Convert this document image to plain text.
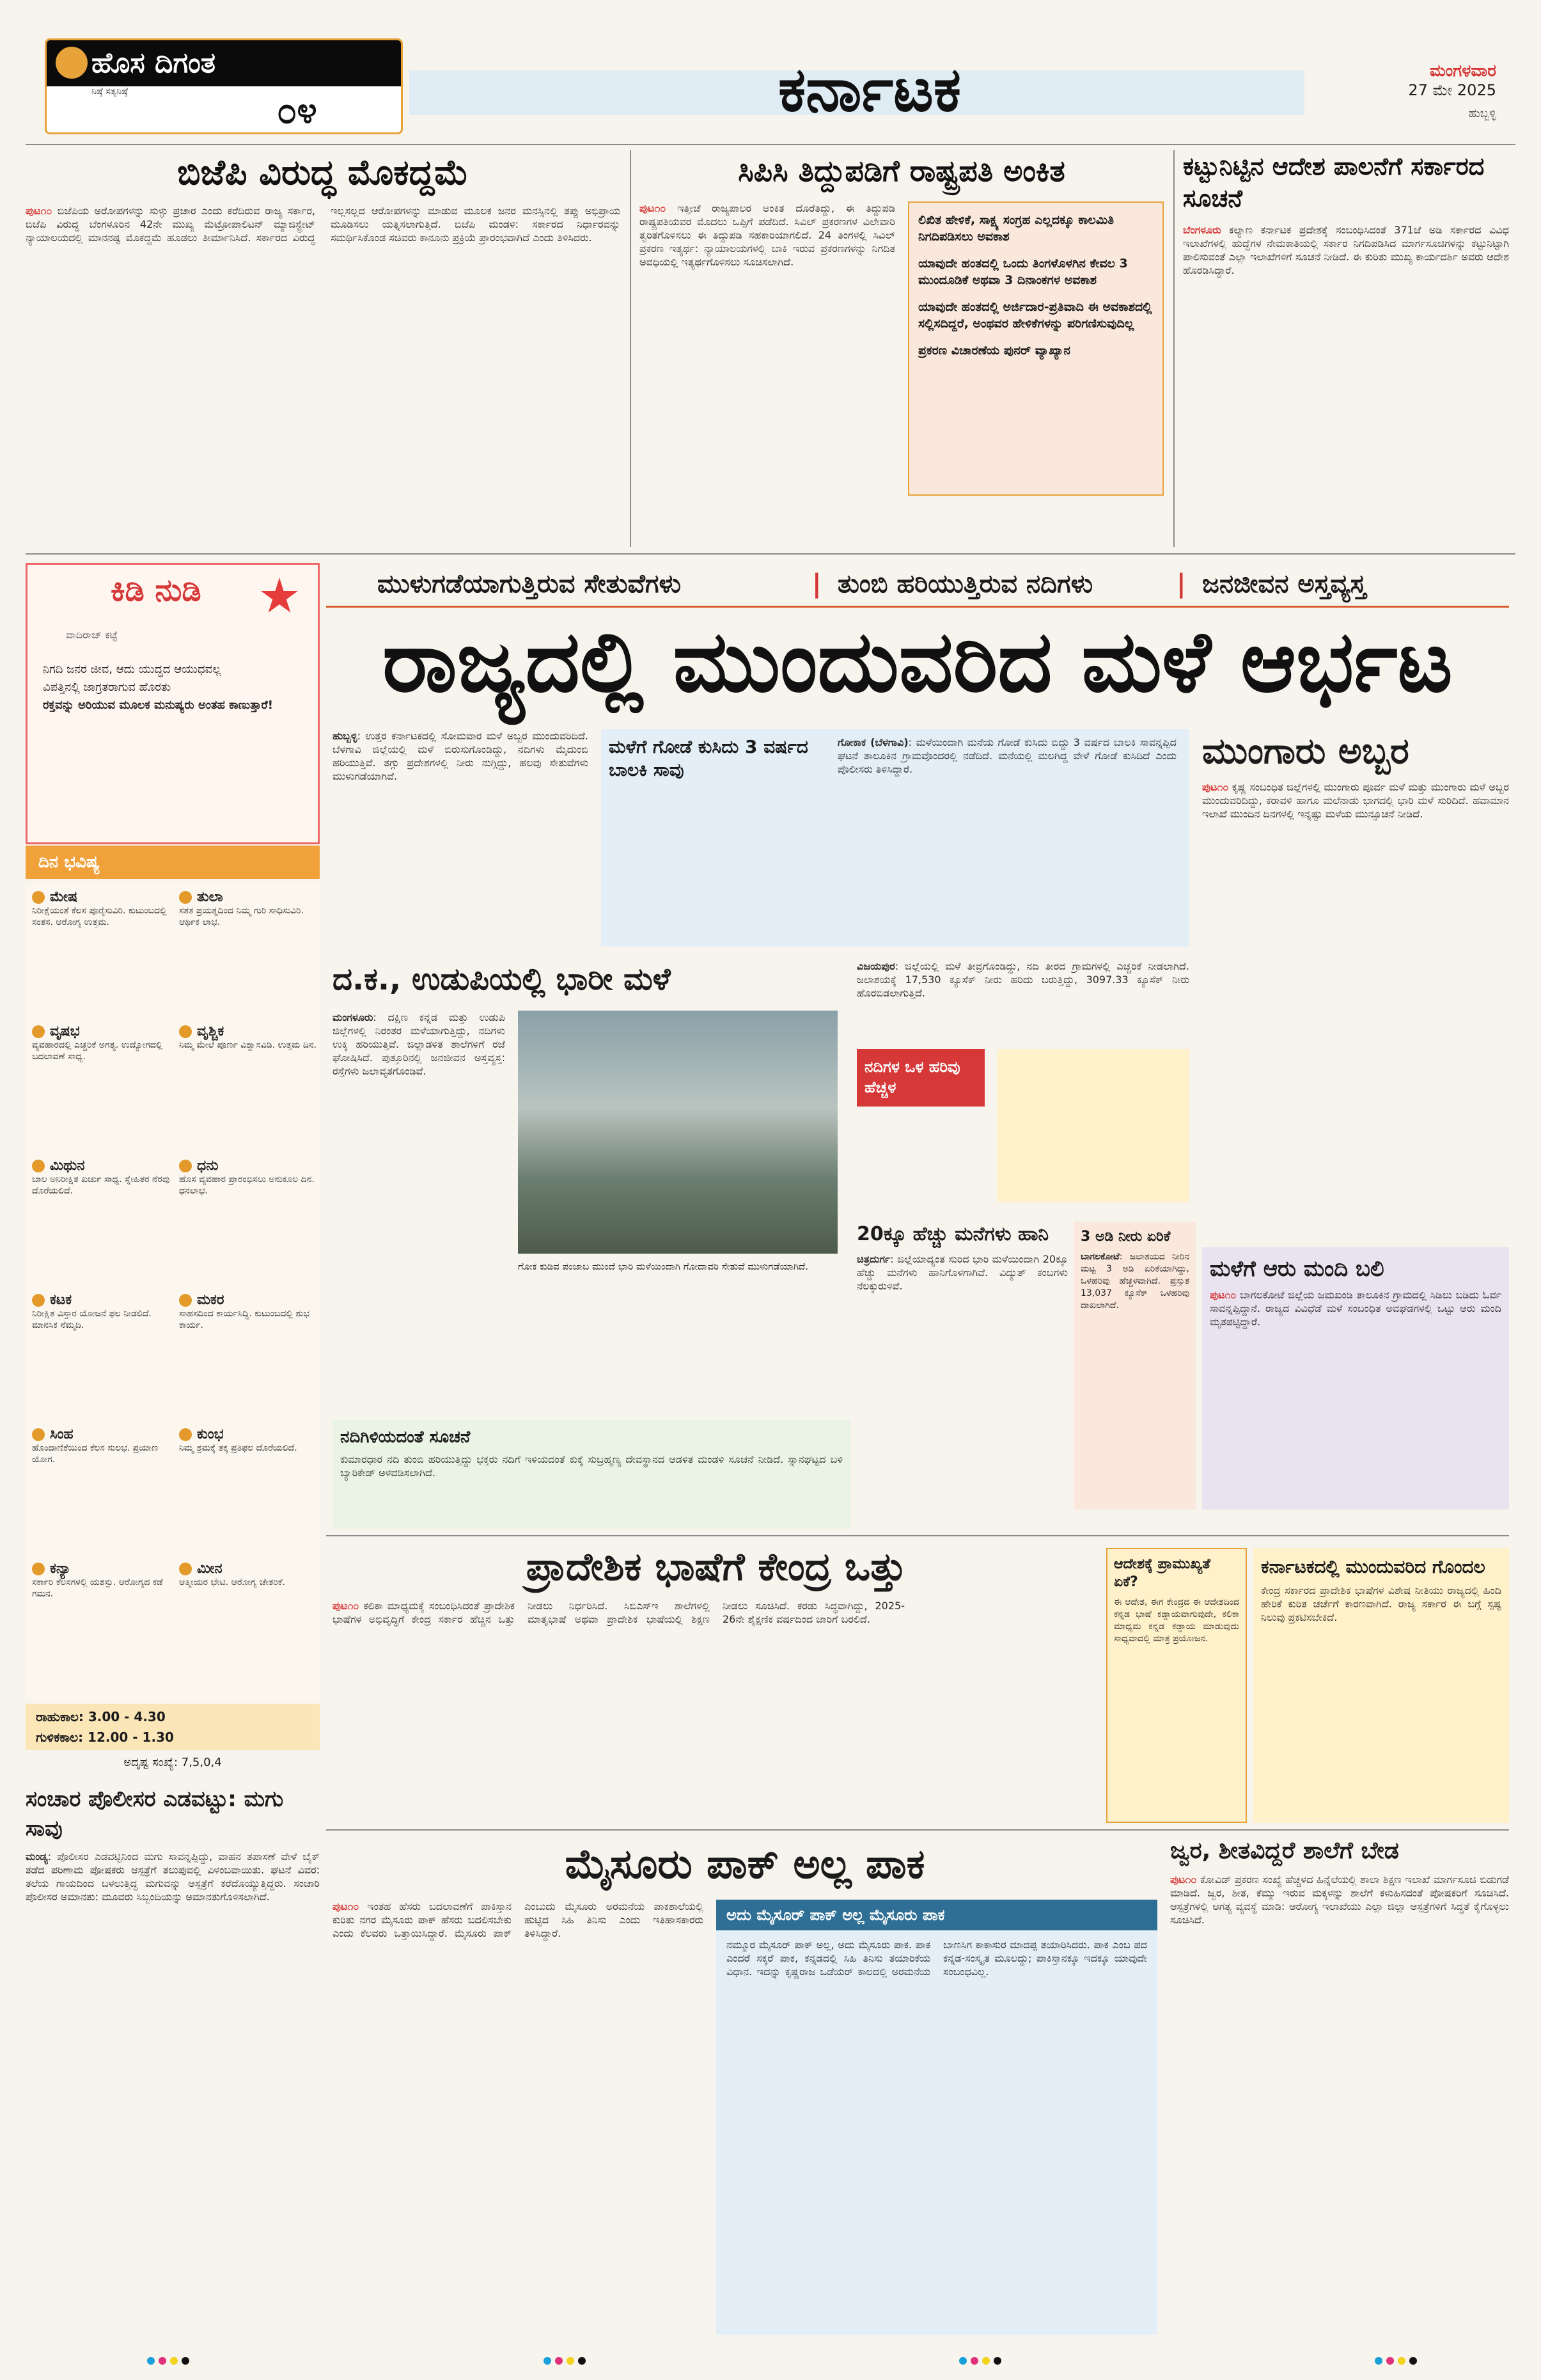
ಹೊಸ ದಿಗಂತ
ನಿಷ್ಠೆ ಸತ್ಯನಿಷ್ಠೆ	೦೪	ಕರ್ನಾಟಕ	ಮಂಗಳವಾರ
27 ಮೇ 2025
ಹುಬ್ಬಳ್ಳಿ
ಬಿಜೆಪಿ ವಿರುದ್ಧ ಮೊಕದ್ದಮೆ
ಪುಟ೧೦ ಬಿಜೆಪಿಯ ಅರೋಪಗಳನ್ನು ಸುಳ್ಳು ಪ್ರಚಾರ ಎಂದು ಕರೆದಿರುವ ರಾಜ್ಯ ಸರ್ಕಾರ, ಬಿಜೆಪಿ ವಿರುದ್ಧ ಬೆಂಗಳೂರಿನ 42ನೇ ಮುಖ್ಯ ಮೆಟ್ರೋಪಾಲಿಟನ್ ಮ್ಯಾಜಿಸ್ಟ್ರೇಟ್ ನ್ಯಾಯಾಲಯದಲ್ಲಿ ಮಾನನಷ್ಟ ಮೊಕದ್ದಮೆ ಹೂಡಲು ತೀರ್ಮಾನಿಸಿದೆ. ಸರ್ಕಾರದ ವಿರುದ್ಧ ಇಲ್ಲಸಲ್ಲದ ಆರೋಪಗಳನ್ನು ಮಾಡುವ ಮೂಲಕ ಜನರ ಮನಸ್ಸಿನಲ್ಲಿ ತಪ್ಪು ಅಭಿಪ್ರಾಯ ಮೂಡಿಸಲು ಯತ್ನಿಸಲಾಗುತ್ತಿದೆ. ಬಿಜೆಪಿ ಮಂಡಳಿ: ಸರ್ಕಾರದ ನಿರ್ಧಾರವನ್ನು ಸಮರ್ಥಿಸಿಕೊಂಡ ಸಚಿವರು ಕಾನೂನು ಪ್ರಕ್ರಿಯೆ ಪ್ರಾರಂಭವಾಗಿದೆ ಎಂದು ತಿಳಿಸಿದರು.
ಸಿಪಿಸಿ ತಿದ್ದುಪಡಿಗೆ ರಾಷ್ಟ್ರಪತಿ ಅಂಕಿತ
ಪುಟ೧೦ ಇತ್ತೀಚೆ ರಾಜ್ಯಪಾಲರ ಅಂಕಿತ ದೊರೆತಿದ್ದು, ಈ ತಿದ್ದುಪಡಿ ರಾಷ್ಟ್ರಪತಿಯವರ ಮೊದಲು ಒಪ್ಪಿಗೆ ಪಡೆದಿದೆ. ಸಿವಿಲ್ ಪ್ರಕರಣಗಳ ವಿಲೇವಾರಿ ತ್ವರಿತಗೊಳಿಸಲು ಈ ತಿದ್ದುಪಡಿ ಸಹಕಾರಿಯಾಗಲಿದೆ. 24 ತಿಂಗಳಲ್ಲಿ ಸಿವಿಲ್ ಪ್ರಕರಣ ಇತ್ಯರ್ಥ: ನ್ಯಾಯಾಲಯಗಳಲ್ಲಿ ಬಾಕಿ ಇರುವ ಪ್ರಕರಣಗಳನ್ನು ನಿಗದಿತ ಅವಧಿಯಲ್ಲಿ ಇತ್ಯರ್ಥಗೊಳಿಸಲು ಸೂಚಿಸಲಾಗಿದೆ.
ಲಿಖಿತ ಹೇಳಿಕೆ, ಸಾಕ್ಷ್ಯ ಸಂಗ್ರಹ ಎಲ್ಲದಕ್ಕೂ ಕಾಲಮಿತಿ ನಿಗದಿಪಡಿಸಲು ಅವಕಾಶ
ಯಾವುದೇ ಹಂತದಲ್ಲಿ ಒಂದು ತಿಂಗಳೊಳಗಿನ ಕೇವಲ 3 ಮುಂದೂಡಿಕೆ ಅಥವಾ 3 ದಿನಾಂಕಗಳ ಅವಕಾಶ
ಯಾವುದೇ ಹಂತದಲ್ಲಿ ಅರ್ಜಿದಾರ-ಪ್ರತಿವಾದಿ ಈ ಅವಕಾಶದಲ್ಲಿ ಸಲ್ಲಿಸದಿದ್ದರೆ, ಅಂಥವರ ಹೇಳಿಕೆಗಳನ್ನು ಪರಿಗಣಿಸುವುದಿಲ್ಲ
ಪ್ರಕರಣ ವಿಚಾರಣೆಯ ಪುನರ್ ವ್ಯಾಖ್ಯಾನ
ಕಟ್ಟುನಿಟ್ಟಿನ ಆದೇಶ ಪಾಲನೆಗೆ ಸರ್ಕಾರದ ಸೂಚನೆ
ಬೆಂಗಳೂರು ಕಲ್ಯಾಣ ಕರ್ನಾಟಕ ಪ್ರದೇಶಕ್ಕೆ ಸಂಬಂಧಿಸಿದಂತೆ 371ಜೆ ಅಡಿ ಸರ್ಕಾರದ ವಿವಿಧ ಇಲಾಖೆಗಳಲ್ಲಿ ಹುದ್ದೆಗಳ ನೇಮಕಾತಿಯಲ್ಲಿ ಸರ್ಕಾರ ನಿಗದಿಪಡಿಸಿದ ಮಾರ್ಗಸೂಚಿಗಳನ್ನು ಕಟ್ಟುನಿಟ್ಟಾಗಿ ಪಾಲಿಸುವಂತೆ ಎಲ್ಲಾ ಇಲಾಖೆಗಳಿಗೆ ಸೂಚನೆ ನೀಡಿದೆ. ಈ ಕುರಿತು ಮುಖ್ಯ ಕಾರ್ಯದರ್ಶಿ ಅವರು ಆದೇಶ ಹೊರಡಿಸಿದ್ದಾರೆ.
ಕಿಡಿ ನುಡಿ
ವಾದಿರಾಜ್ ಕಟ್ಟೆ
ನಿಗದಿ ಜನರ ಜೀವ, ಆದು ಯುದ್ಧದ ಆಯುಧವಲ್ಲ
ವಿಪತ್ತಿನಲ್ಲಿ ಜಾಗ್ರತರಾಗುವ ಹೊರತು
ರಕ್ತವನ್ನು ಅರಿಯುವ ಮೂಲಕ ಮನುಷ್ಯರು ಅಂತಹ ಕಾಣುತ್ತಾರೆ!
ದಿನ ಭವಿಷ್ಯ
ಮೇಷ
ನಿರೀಕ್ಷೆಯಂತೆ ಕೆಲಸ ಪೂರೈಸುವಿರಿ. ಕುಟುಂಬದಲ್ಲಿ ಸಂತಸ. ಆರೋಗ್ಯ ಉತ್ತಮ.
ತುಲಾ
ಸತತ ಪ್ರಯತ್ನದಿಂದ ನಿಮ್ಮ ಗುರಿ ಸಾಧಿಸುವಿರಿ. ಆರ್ಥಿಕ ಲಾಭ.
ವೃಷಭ
ವ್ಯವಹಾರದಲ್ಲಿ ಎಚ್ಚರಿಕೆ ಅಗತ್ಯ. ಉದ್ಯೋಗದಲ್ಲಿ ಬದಲಾವಣೆ ಸಾಧ್ಯ.
ವೃಶ್ಚಿಕ
ನಿಮ್ಮ ಮೇಲೆ ಪೂರ್ಣ ವಿಶ್ವಾಸವಿಡಿ. ಉತ್ತಮ ದಿನ.
ಮಿಥುನ
ಬಾಲ ಅನಿರೀಕ್ಷಿತ ಖರ್ಚು ಸಾಧ್ಯ. ಸ್ನೇಹಿತರ ನೆರವು ದೊರೆಯಲಿದೆ.
ಧನು
ಹೊಸ ವ್ಯವಹಾರ ಪ್ರಾರಂಭಿಸಲು ಅನುಕೂಲ ದಿನ. ಧನಲಾಭ.
ಕಟಕ
ನಿರೀಕ್ಷಿತ ವಿಸ್ತಾರ ಯೋಜನೆ ಫಲ ನೀಡಲಿದೆ. ಮಾನಸಿಕ ನೆಮ್ಮದಿ.
ಮಕರ
ಸಾಹಸದಿಂದ ಕಾರ್ಯಸಿದ್ಧಿ. ಕುಟುಂಬದಲ್ಲಿ ಶುಭ ಕಾರ್ಯ.
ಸಿಂಹ
ಹೊಂದಾಣಿಕೆಯಿಂದ ಕೆಲಸ ಸುಲಭ. ಪ್ರಯಾಣ ಯೋಗ.
ಕುಂಭ
ನಿಮ್ಮ ಶ್ರಮಕ್ಕೆ ತಕ್ಕ ಪ್ರತಿಫಲ ದೊರೆಯಲಿದೆ.
ಕನ್ಯಾ
ಸರ್ಕಾರಿ ಕೆಲಸಗಳಲ್ಲಿ ಯಶಸ್ಸು. ಆರೋಗ್ಯದ ಕಡೆ ಗಮನ.
ಮೀನ
ಆತ್ಮೀಯರ ಭೇಟಿ. ಆರೋಗ್ಯ ಚೇತರಿಕೆ.
ರಾಹುಕಾಲ: 3.00 - 4.30
ಗುಳಿಕಕಾಲ: 12.00 - 1.30
ಅದೃಷ್ಟ ಸಂಖ್ಯೆ: 7,5,0,4
ಮುಳುಗಡೆಯಾಗುತ್ತಿರುವ ಸೇತುವೆಗಳು	| ತುಂಬಿ ಹರಿಯುತ್ತಿರುವ ನದಿಗಳು	| ಜನಜೀವನ ಅಸ್ತವ್ಯಸ್ತ
ರಾಜ್ಯದಲ್ಲಿ ಮುಂದುವರಿದ ಮಳೆ ಆರ್ಭಟ
ಹುಬ್ಬಳ್ಳಿ: ಉತ್ತರ ಕರ್ನಾಟಕದಲ್ಲಿ ಸೋಮವಾರ ಮಳೆ ಅಬ್ಬರ ಮುಂದುವರಿದಿದೆ. ಬೆಳಗಾವಿ ಜಿಲ್ಲೆಯಲ್ಲಿ ಮಳೆ ಬಿರುಸುಗೊಂಡಿದ್ದು, ನದಿಗಳು ಮೈದುಂಬಿ ಹರಿಯುತ್ತಿವೆ. ತಗ್ಗು ಪ್ರದೇಶಗಳಲ್ಲಿ ನೀರು ನುಗ್ಗಿದ್ದು, ಹಲವು ಸೇತುವೆಗಳು ಮುಳುಗಡೆಯಾಗಿವೆ.
ಮಳೆಗೆ ಗೋಡೆ ಕುಸಿದು 3 ವರ್ಷದ ಬಾಲಕಿ ಸಾವು
ಗೋಕಾಕ (ಬೆಳಗಾವಿ): ಮಳೆಯಿಂದಾಗಿ ಮನೆಯ ಗೋಡೆ ಕುಸಿದು ಬಿದ್ದು 3 ವರ್ಷದ ಬಾಲಕಿ ಸಾವನ್ನಪ್ಪಿದ ಘಟನೆ ತಾಲೂಕಿನ ಗ್ರಾಮವೊಂದರಲ್ಲಿ ನಡೆದಿದೆ. ಮನೆಯಲ್ಲಿ ಮಲಗಿದ್ದ ವೇಳೆ ಗೋಡೆ ಕುಸಿದಿದೆ ಎಂದು ಪೊಲೀಸರು ತಿಳಿಸಿದ್ದಾರೆ.	ಮುಂಗಾರು ಅಬ್ಬರ
ಪುಟ೧೦ ಕೃಷ್ಣ ಸಂಬಂಧಿತ ಜಿಲ್ಲೆಗಳಲ್ಲಿ ಮುಂಗಾರು ಪೂರ್ವ ಮಳೆ ಮತ್ತು ಮುಂಗಾರು ಮಳೆ ಅಬ್ಬರ ಮುಂದುವರಿದಿದ್ದು, ಕರಾವಳಿ ಹಾಗೂ ಮಲೆನಾಡು ಭಾಗದಲ್ಲಿ ಭಾರಿ ಮಳೆ ಸುರಿದಿದೆ. ಹವಾಮಾನ ಇಲಾಖೆ ಮುಂದಿನ ದಿನಗಳಲ್ಲಿ ಇನ್ನಷ್ಟು ಮಳೆಯ ಮುನ್ಸೂಚನೆ ನೀಡಿದೆ.
ದ.ಕ., ಉಡುಪಿಯಲ್ಲಿ ಭಾರೀ ಮಳೆ
ಮಂಗಳೂರು: ದಕ್ಷಿಣ ಕನ್ನಡ ಮತ್ತು ಉಡುಪಿ ಜಿಲ್ಲೆಗಳಲ್ಲಿ ನಿರಂತರ ಮಳೆಯಾಗುತ್ತಿದ್ದು, ನದಿಗಳು ಉಕ್ಕಿ ಹರಿಯುತ್ತಿವೆ. ಜಿಲ್ಲಾಡಳಿತ ಶಾಲೆಗಳಿಗೆ ರಜೆ ಘೋಷಿಸಿದೆ. ಪುತ್ತೂರಿನಲ್ಲಿ ಜನಜೀವನ ಅಸ್ತವ್ಯಸ್ತ: ರಸ್ತೆಗಳು ಜಲಾವೃತಗೊಂಡಿವೆ.
ಗೋಕ ಕುಡಿವ ಪಂಜಾಬ ಮುಂದೆ ಭಾರಿ ಮಳೆಯಿಂದಾಗಿ ಗೋದಾವರಿ ಸೇತುವೆ ಮುಳುಗಡೆಯಾಗಿದೆ.
ವಿಜಯಪುರ: ಜಿಲ್ಲೆಯಲ್ಲಿ ಮಳೆ ತೀವ್ರಗೊಂಡಿದ್ದು, ನದಿ ತೀರದ ಗ್ರಾಮಗಳಲ್ಲಿ ಎಚ್ಚರಿಕೆ ನೀಡಲಾಗಿದೆ. ಜಲಾಶಯಕ್ಕೆ 17,530 ಕ್ಯೂಸೆಕ್ ನೀರು ಹರಿದು ಬರುತ್ತಿದ್ದು, 3097.33 ಕ್ಯೂಸೆಕ್ ನೀರು ಹೊರಬಿಡಲಾಗುತ್ತಿದೆ.
ನದಿಗಳ ಒಳ ಹರಿವು ಹೆಚ್ಚಳ
20ಕ್ಕೂ ಹೆಚ್ಚು ಮನೆಗಳು ಹಾನಿ
ಚಿತ್ರದುರ್ಗ: ಜಿಲ್ಲೆಯಾದ್ಯಂತ ಸುರಿದ ಭಾರಿ ಮಳೆಯಿಂದಾಗಿ 20ಕ್ಕೂ ಹೆಚ್ಚು ಮನೆಗಳು ಹಾನಿಗೊಳಗಾಗಿವೆ. ವಿದ್ಯುತ್ ಕಂಬಗಳು ನೆಲಕ್ಕುರುಳಿವೆ.
3 ಅಡಿ ನೀರು ಏರಿಕೆ
ಬಾಗಲಕೋಟೆ: ಜಲಾಶಯದ ನೀರಿನ ಮಟ್ಟ 3 ಅಡಿ ಏರಿಕೆಯಾಗಿದ್ದು, ಒಳಹರಿವು ಹೆಚ್ಚಳವಾಗಿದೆ. ಪ್ರಸ್ತುತ 13,037 ಕ್ಯೂಸೆಕ್ ಒಳಹರಿವು ದಾಖಲಾಗಿದೆ.
ಮಳೆಗೆ ಆರು ಮಂದಿ ಬಲಿ
ಪುಟ೧೦ ಬಾಗಲಕೋಟೆ ಜಿಲ್ಲೆಯ ಜಮಖಂಡಿ ತಾಲೂಕಿನ ಗ್ರಾಮದಲ್ಲಿ ಸಿಡಿಲು ಬಡಿದು ಓರ್ವ ಸಾವನ್ನಪ್ಪಿದ್ದಾನೆ. ರಾಜ್ಯದ ವಿವಿಧೆಡೆ ಮಳೆ ಸಂಬಂಧಿತ ಅವಘಡಗಳಲ್ಲಿ ಒಟ್ಟು ಆರು ಮಂದಿ ಮೃತಪಟ್ಟಿದ್ದಾರೆ.
ನದಿಗಿಳಿಯದಂತೆ ಸೂಚನೆ
ಕುಮಾರಧಾರ ನದಿ ತುಂಬಿ ಹರಿಯುತ್ತಿದ್ದು ಭಕ್ತರು ನದಿಗೆ ಇಳಿಯದಂತೆ ಕುಕ್ಕೆ ಸುಬ್ರಹ್ಮಣ್ಯ ದೇವಸ್ಥಾನದ ಆಡಳಿತ ಮಂಡಳಿ ಸೂಚನೆ ನೀಡಿದೆ. ಸ್ನಾನಘಟ್ಟದ ಬಳಿ ಬ್ಯಾರಿಕೇಡ್ ಅಳವಡಿಸಲಾಗಿದೆ.
ಪ್ರಾದೇಶಿಕ ಭಾಷೆಗೆ ಕೇಂದ್ರ ಒತ್ತು
ಪುಟ೧೦ ಕಲಿಕಾ ಮಾಧ್ಯಮಕ್ಕೆ ಸಂಬಂಧಿಸಿದಂತೆ ಪ್ರಾದೇಶಿಕ ಭಾಷೆಗಳ ಅಭಿವೃದ್ಧಿಗೆ ಕೇಂದ್ರ ಸರ್ಕಾರ ಹೆಚ್ಚಿನ ಒತ್ತು ನೀಡಲು ನಿರ್ಧರಿಸಿದೆ. ಸಿಬಿಎಸ್ಇ ಶಾಲೆಗಳಲ್ಲಿ ಮಾತೃಭಾಷೆ ಅಥವಾ ಪ್ರಾದೇಶಿಕ ಭಾಷೆಯಲ್ಲಿ ಶಿಕ್ಷಣ ನೀಡಲು ಸೂಚಿಸಿದೆ. ಕರಡು ಸಿದ್ಧವಾಗಿದ್ದು, 2025-26ನೇ ಶೈಕ್ಷಣಿಕ ವರ್ಷದಿಂದ ಜಾರಿಗೆ ಬರಲಿದೆ.
ಆದೇಶಕ್ಕೆ ಪ್ರಾಮುಖ್ಯತೆ ಏಕೆ?
ಈ ಆದೇಶ, ಈಗ ಕೇಂದ್ರದ ಈ ಆದೇಶದಿಂದ ಕನ್ನಡ ಭಾಷೆ ಕಡ್ಡಾಯವಾಗುವುದೇ, ಕಲಿಕಾ ಮಾಧ್ಯಮ ಕನ್ನಡ ಕಡ್ಡಾಯ ಮಾಡುವುದು ಸಾಧ್ಯವಾದಲ್ಲಿ ಮಾತ್ರ ಪ್ರಯೋಜನ.
ಕರ್ನಾಟಕದಲ್ಲಿ ಮುಂದುವರಿದ ಗೊಂದಲ
ಕೇಂದ್ರ ಸರ್ಕಾರದ ಪ್ರಾದೇಶಿಕ ಭಾಷೆಗಳ ವಿಶೇಷ ನೀತಿಯು ರಾಜ್ಯದಲ್ಲಿ ಹಿಂದಿ ಹೇರಿಕೆ ಕುರಿತ ಚರ್ಚೆಗೆ ಕಾರಣವಾಗಿದೆ. ರಾಜ್ಯ ಸರ್ಕಾರ ಈ ಬಗ್ಗೆ ಸ್ಪಷ್ಟ ನಿಲುವು ಪ್ರಕಟಿಸಬೇಕಿದೆ.
ಸಂಚಾರ ಪೊಲೀಸರ ಎಡವಟ್ಟು: ಮಗು ಸಾವು
ಮಂಡ್ಯ: ಪೊಲೀಸರ ಎಡವಟ್ಟಿನಿಂದ ಮಗು ಸಾವನ್ನಪ್ಪಿದ್ದು, ವಾಹನ ತಪಾಸಣೆ ವೇಳೆ ಬೈಕ್ ತಡೆದ ಪರಿಣಾಮ ಪೋಷಕರು ಆಸ್ಪತ್ರೆಗೆ ತಲುಪುವಲ್ಲಿ ವಿಳಂಬವಾಯಿತು. ಘಟನೆ ವಿವರ: ತಲೆಯ ಗಾಯದಿಂದ ಬಳಲುತ್ತಿದ್ದ ಮಗುವನ್ನು ಆಸ್ಪತ್ರೆಗೆ ಕರೆದೊಯ್ಯುತ್ತಿದ್ದರು. ಸಂಚಾರಿ ಪೊಲೀಸರ ಅಮಾನತು: ಮೂವರು ಸಿಬ್ಬಂದಿಯನ್ನು ಅಮಾನತುಗೊಳಿಸಲಾಗಿದೆ.
ಮೈಸೂರು ಪಾಕ್ ಅಲ್ಲ ಪಾಕ
ಪುಟ೧೦ ಇಂತಹ ಹೆಸರು ಬದಲಾವಣೆಗೆ ಪಾಕಿಸ್ತಾನ ಕುರಿತು ನಗರ ಮೈಸೂರು ಪಾಕ್ ಹೆಸರು ಬದಲಿಸಬೇಕು ಎಂದು ಕೆಲವರು ಒತ್ತಾಯಿಸಿದ್ದಾರೆ. ಮೈಸೂರು ಪಾಕ್ ಎಂಬುದು ಮೈಸೂರು ಅರಮನೆಯ ಪಾಕಶಾಲೆಯಲ್ಲಿ ಹುಟ್ಟಿದ ಸಿಹಿ ತಿನಿಸು ಎಂದು ಇತಿಹಾಸಕಾರರು ತಿಳಿಸಿದ್ದಾರೆ.
ಅದು ಮೈಸೂರ್ ಪಾಕ್ ಅಲ್ಲ ಮೈಸೂರು ಪಾಕ
ನಮ್ಮೂರ ಮೈಸೂರ್ ಪಾಕ್ ಅಲ್ಲ, ಅದು ಮೈಸೂರು ಪಾಕ. ಪಾಕ ಎಂದರೆ ಸಕ್ಕರೆ ಪಾಕ, ಕನ್ನಡದಲ್ಲಿ ಸಿಹಿ ತಿನಿಸು ತಯಾರಿಕೆಯ ವಿಧಾನ. ಇದನ್ನು ಕೃಷ್ಣರಾಜ ಒಡೆಯರ್ ಕಾಲದಲ್ಲಿ ಅರಮನೆಯ ಬಾಣಸಿಗ ಕಾಕಾಸುರ ಮಾದಪ್ಪ ತಯಾರಿಸಿದರು. ಪಾಕ ಎಂಬ ಪದ ಕನ್ನಡ-ಸಂಸ್ಕೃತ ಮೂಲದ್ದು; ಪಾಕಿಸ್ತಾನಕ್ಕೂ ಇದಕ್ಕೂ ಯಾವುದೇ ಸಂಬಂಧವಿಲ್ಲ.
ಜ್ವರ, ಶೀತವಿದ್ದರೆ ಶಾಲೆಗೆ ಬೇಡ
ಪುಟ೧೦ ಕೋವಿಡ್ ಪ್ರಕರಣ ಸಂಖ್ಯೆ ಹೆಚ್ಚಳದ ಹಿನ್ನೆಲೆಯಲ್ಲಿ ಶಾಲಾ ಶಿಕ್ಷಣ ಇಲಾಖೆ ಮಾರ್ಗಸೂಚಿ ಬಿಡುಗಡೆ ಮಾಡಿದೆ. ಜ್ವರ, ಶೀತ, ಕೆಮ್ಮು ಇರುವ ಮಕ್ಕಳನ್ನು ಶಾಲೆಗೆ ಕಳುಹಿಸದಂತೆ ಪೋಷಕರಿಗೆ ಸೂಚಿಸಿದೆ. ಆಸ್ಪತ್ರೆಗಳಲ್ಲಿ ಅಗತ್ಯ ವ್ಯವಸ್ಥೆ ಮಾಡಿ: ಆರೋಗ್ಯ ಇಲಾಖೆಯು ಎಲ್ಲಾ ಜಿಲ್ಲಾ ಆಸ್ಪತ್ರೆಗಳಿಗೆ ಸಿದ್ಧತೆ ಕೈಗೊಳ್ಳಲು ಸೂಚಿಸಿದೆ.
